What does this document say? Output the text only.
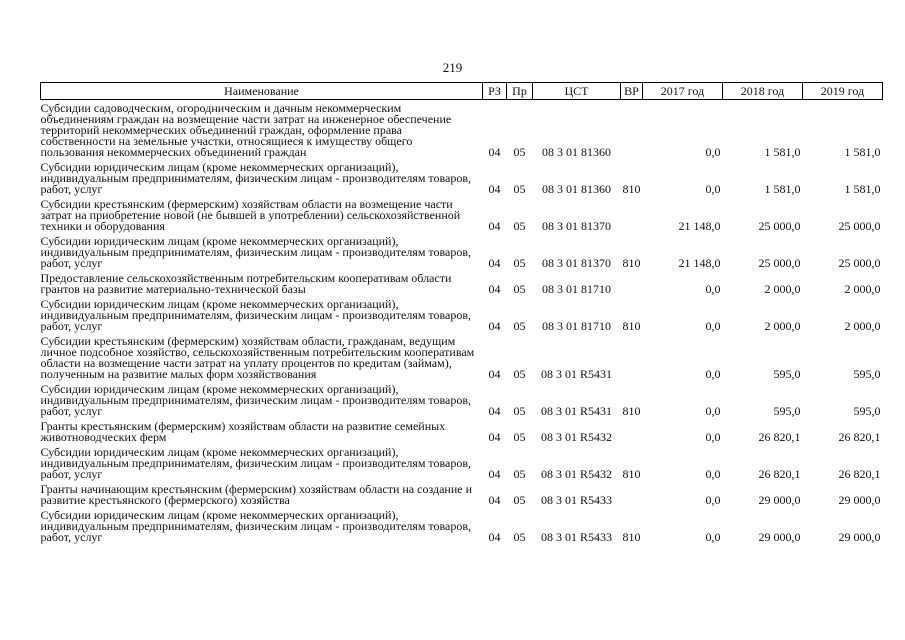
219
Наименование	РЗ	Пр	ЦСТ	ВР	2017 год	2018 год	2019 год
Субсидии садоводческим, огородническим и дачным некоммерческим объединениям граждан на возмещение части затрат на инженерное обеспечение территорий некоммерческих объединений граждан, оформление права собственности на земельные участки, относящиеся к имуществу общего пользования некоммерческих объединений граждан	04	05	08 3 01 81360		0,0	1 581,0	1 581,0
Субсидии юридическим лицам (кроме некоммерческих организаций), индивидуальным предпринимателям, физическим лицам - производителям товаров, работ, услуг	04	05	08 3 01 81360	810	0,0	1 581,0	1 581,0
Субсидии крестьянским (фермерским) хозяйствам области на возмещение части затрат на приобретение новой (не бывшей в употреблении) сельскохозяйственной техники и оборудования	04	05	08 3 01 81370		21 148,0	25 000,0	25 000,0
Субсидии юридическим лицам (кроме некоммерческих организаций), индивидуальным предпринимателям, физическим лицам - производителям товаров, работ, услуг	04	05	08 3 01 81370	810	21 148,0	25 000,0	25 000,0
Предоставление сельскохозяйственным потребительским кооперативам области грантов на развитие материально-технической базы	04	05	08 3 01 81710		0,0	2 000,0	2 000,0
Субсидии юридическим лицам (кроме некоммерческих организаций), индивидуальным предпринимателям, физическим лицам - производителям товаров, работ, услуг	04	05	08 3 01 81710	810	0,0	2 000,0	2 000,0
Субсидии крестьянским (фермерским) хозяйствам области, гражданам, ведущим личное подсобное хозяйство, сельскохозяйственным потребительским кооперативам области на возмещение части затрат на уплату процентов по кредитам (займам), полученным на развитие малых форм хозяйствования	04	05	08 3 01 R5431		0,0	595,0	595,0
Субсидии юридическим лицам (кроме некоммерческих организаций), индивидуальным предпринимателям, физическим лицам - производителям товаров, работ, услуг	04	05	08 3 01 R5431	810	0,0	595,0	595,0
Гранты крестьянским (фермерским) хозяйствам области на развитие семейных животноводческих ферм	04	05	08 3 01 R5432		0,0	26 820,1	26 820,1
Субсидии юридическим лицам (кроме некоммерческих организаций), индивидуальным предпринимателям, физическим лицам - производителям товаров, работ, услуг	04	05	08 3 01 R5432	810	0,0	26 820,1	26 820,1
Гранты начинающим крестьянским (фермерским) хозяйствам области на создание и развитие крестьянского (фермерского) хозяйства	04	05	08 3 01 R5433		0,0	29 000,0	29 000,0
Субсидии юридическим лицам (кроме некоммерческих организаций), индивидуальным предпринимателям, физическим лицам - производителям товаров, работ, услуг	04	05	08 3 01 R5433	810	0,0	29 000,0	29 000,0
